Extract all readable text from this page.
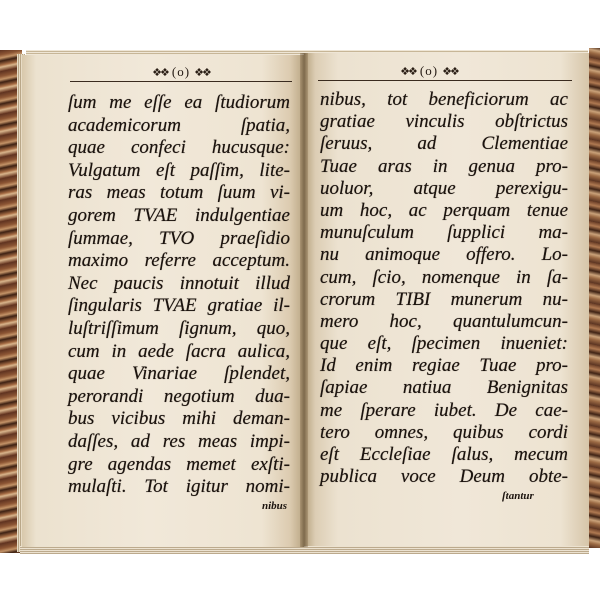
❖❖(o) ❖❖ ❖❖	(o)❖❖
ſum me eſſe ea ſtudiorum
academicorum ſpatia,
quae confeci hucusque:
Vulgatum eſt paſſim, lite-
ras meas totum ſuum vi-
gorem TVAE indulgentiae
ſummae, TVO praeſidio
maximo referre acceptum.
Nec paucis innotuit illud
ſingularis TVAE gratiae il-
luſtriſſimum ſignum, quo,
cum in aede ſacra aulica,
quae Vinariae ſplendet,
perorandi negotium dua-
bus vicibus mihi deman-
daſſes, ad res meas impi-
gre agendas memet exſti-
mulaſti. Tot igitur nomi-
nibus
nibus, tot beneficiorum ac
gratiae vinculis obſtrictus
ſeruus, ad Clementiae
Tuae aras in genua pro-
uoluor, atque perexigu-
um hoc, ac perquam tenue
munuſculum ſupplici ma-
nu animoque offero. Lo-
cum, ſcio, nomenque in ſa-
crorum TIBI munerum nu-
mero hoc, quantulumcun-
que eſt, ſpecimen inueniet:
Id enim regiae Tuae pro-
ſapiae natiua Benignitas
me ſperare iubet. De cae-
tero omnes, quibus cordi
eſt Eccleſiae ſalus, mecum
publica voce Deum obte-
ſtantur
